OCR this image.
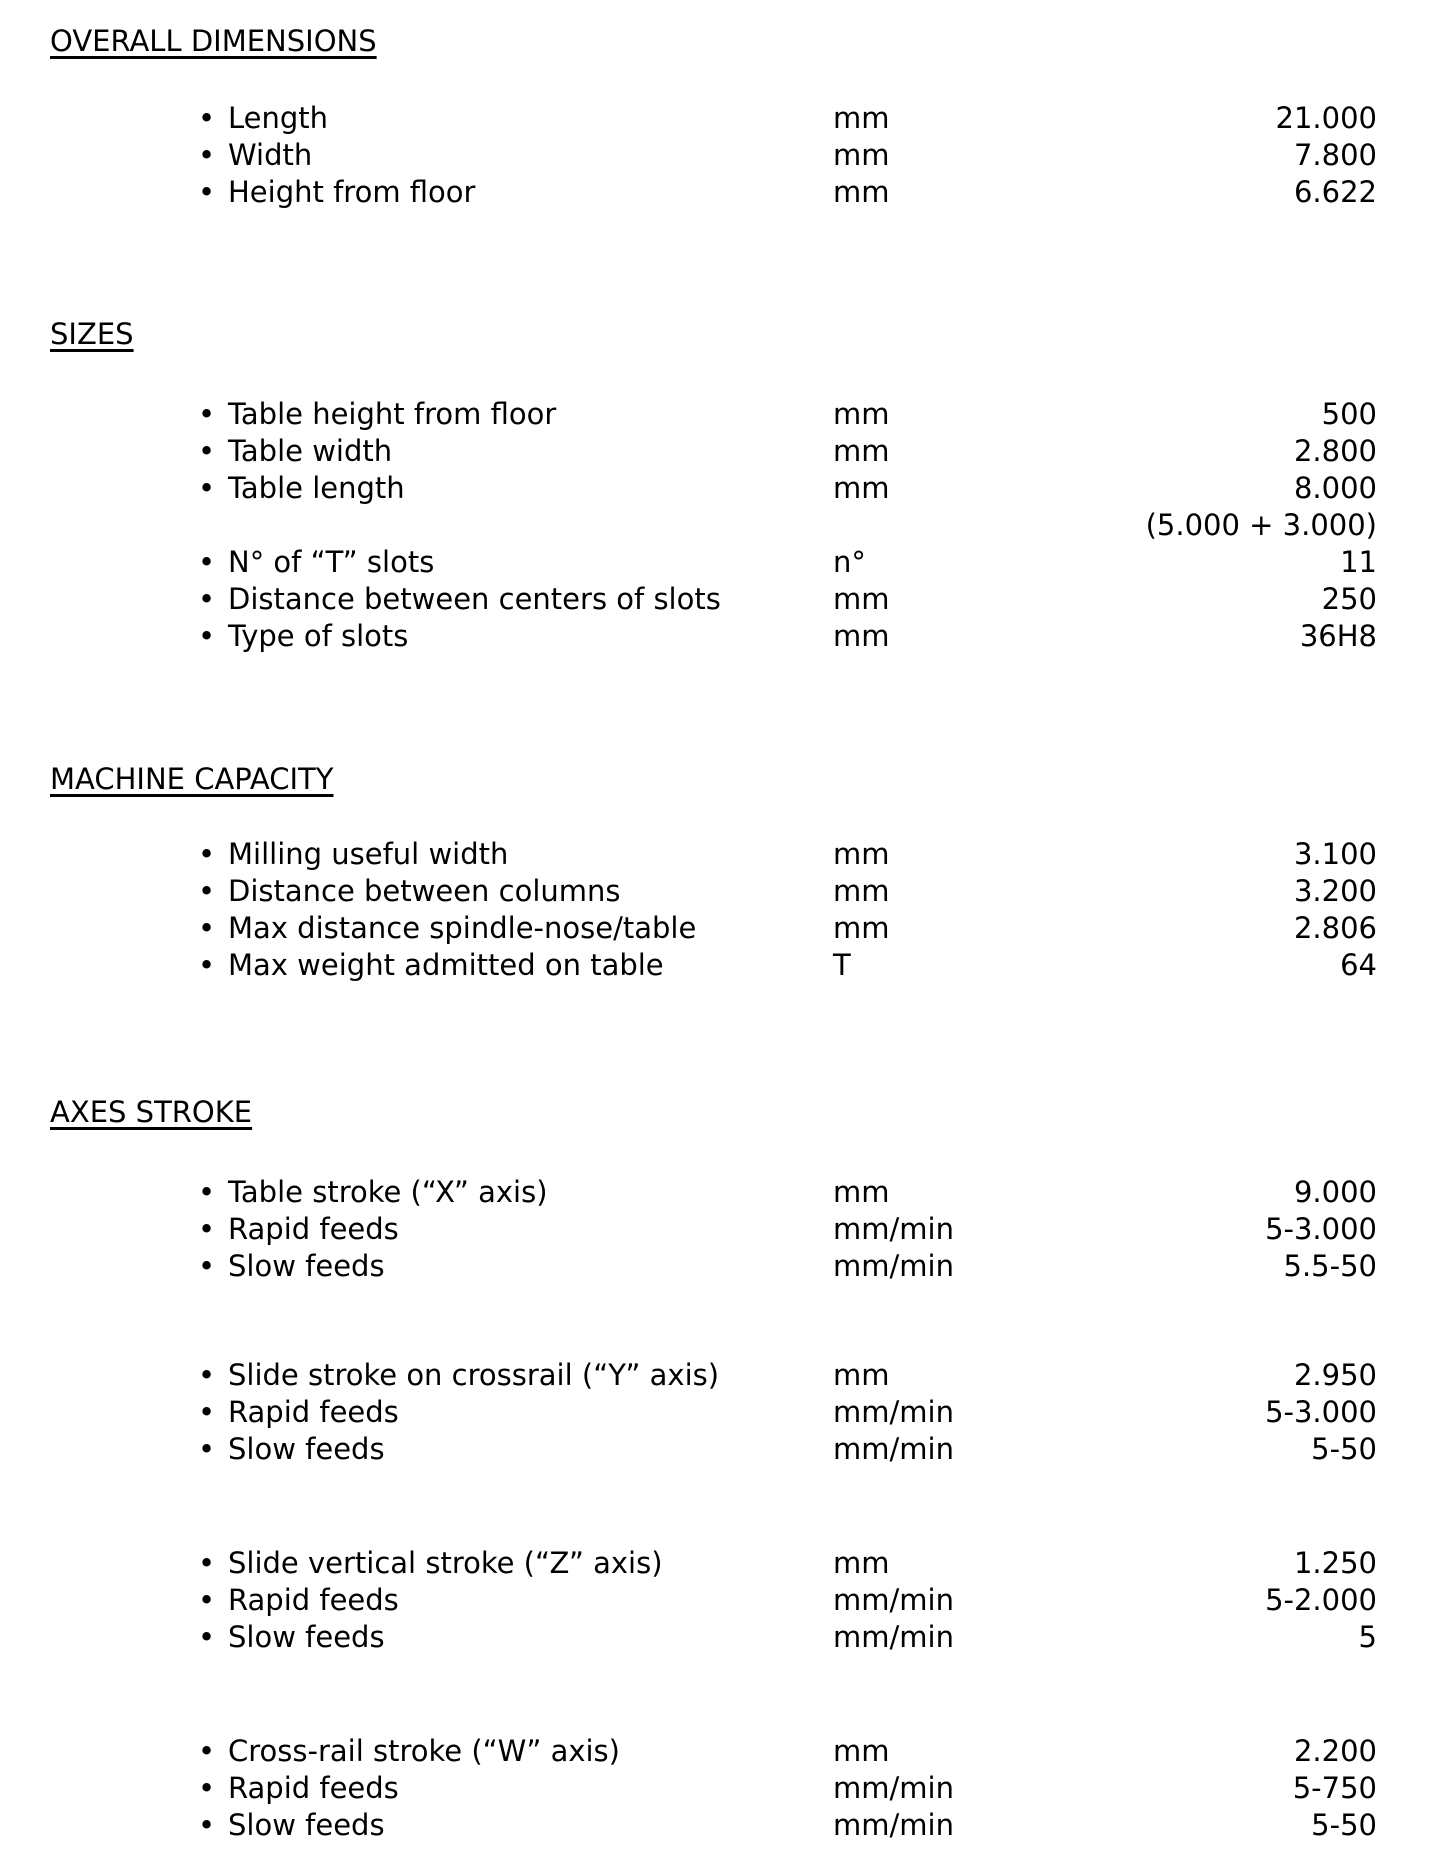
OVERALL DIMENSIONS
• Length	mm	21.000
• Width	mm	7.800
• Height from floor	mm	6.622
SIZES
• Table height from floor	mm	500
• Table width	mm	2.800
• Table length	mm	8.000
(5.000 + 3.000)
• N° of “T” slots	n°	11
• Distance between centers of slots	mm	250
• Type of slots	mm	36H8
MACHINE CAPACITY
• Milling useful width	mm	3.100
• Distance between columns	mm	3.200
• Max distance spindle-nose/table	mm	2.806
• Max weight admitted on table	T	64
AXES STROKE
• Table stroke (“X” axis)	mm	9.000
• Rapid feeds	mm/min	5-3.000
• Slow feeds	mm/min	5.5-50
• Slide stroke on crossrail (“Y” axis)	mm	2.950
• Rapid feeds	mm/min	5-3.000
• Slow feeds	mm/min	5-50
• Slide vertical stroke (“Z” axis)	mm	1.250
• Rapid feeds	mm/min	5-2.000
• Slow feeds	mm/min	5
• Cross-rail stroke (“W” axis)	mm	2.200
• Rapid feeds	mm/min	5-750
• Slow feeds	mm/min	5-50
